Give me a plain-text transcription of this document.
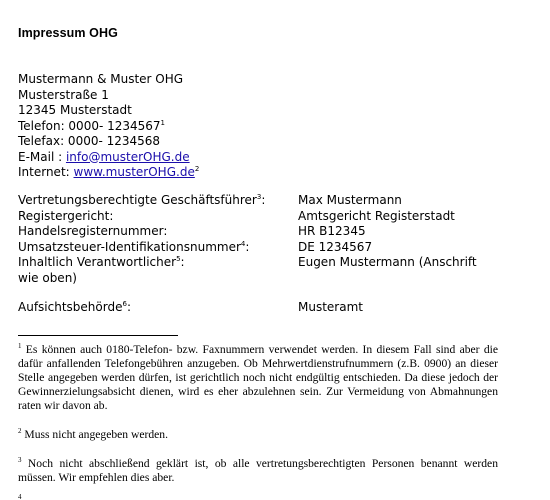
Impressum OHG
Mustermann & Muster OHG
Musterstraße 1
12345 Musterstadt
Telefon: 0000- 1234567$^1$
Telefax: 0000- 1234568
E-Mail : info@musterOHG.de
Internet: $www.musterOHG.de^2$
Vertretungsberechtigte Geschäftsführer$^3$:	Max Mustermann
Registergericht:	Amtsgericht Registerstadt
Handelsregisternummer:	HR B12345
Umsatzsteuer-Identifikationsnummer$^4$:	DE 1234567
Inhaltlich Verantwortlicher$^5$:	Eugen Mustermann (Anschrift
wie oben)
Aufsichtsbehörde$^6$:	Musteramt
$^1$ Es können auch 0180-Telefon- bzw. Faxnummern verwendet werden. In diesem Fall sind aber die dafür anfallenden Telefongebühren anzugeben. Ob Mehrwertdienstrufnummern (z.B. 0900) an dieser Stelle angegeben werden dürfen, ist gerichtlich noch nicht endgültig entschieden. Da diese jedoch der Gewinnerzielungsabsicht dienen, wird es eher abzulehnen sein. Zur Vermeidung von Abmahnungen raten wir davon ab.
$^2$ Muss nicht angegeben werden.
$^3$ Noch nicht abschließend geklärt ist, ob alle vertretungsberechtigten Personen benannt werden müssen. Wir empfehlen dies aber.
$^4$
